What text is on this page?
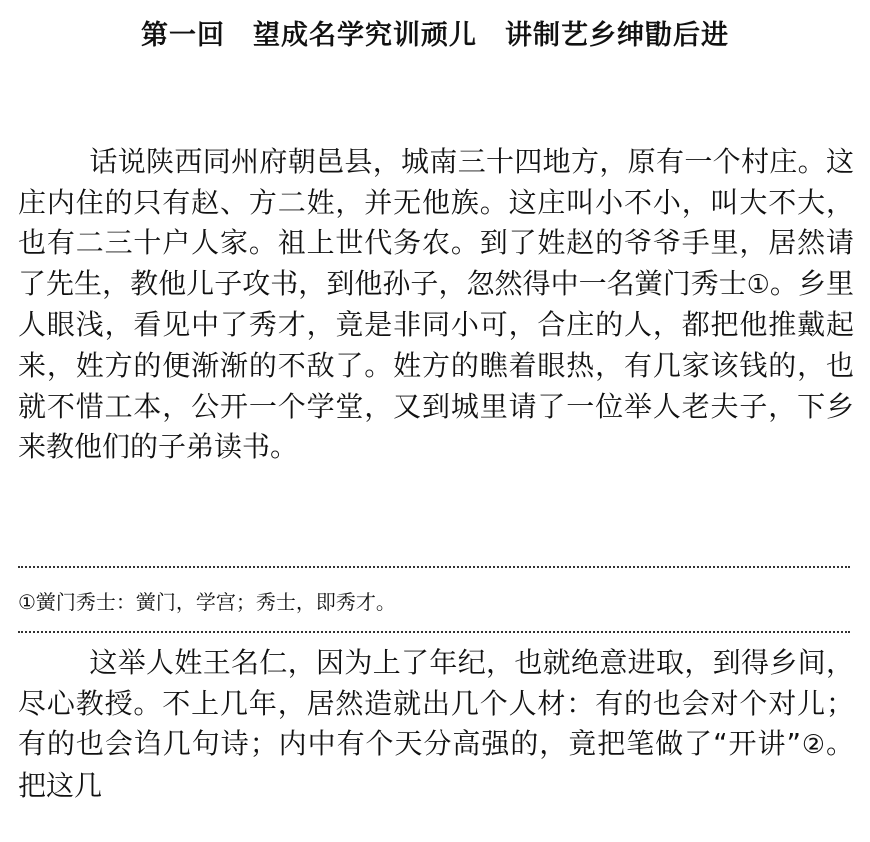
第一回　望成名学究训顽儿　讲制艺乡绅勖后进

话说陕西同州府朝邑县，城南三十四地方，原有一个村庄。这庄内住的只有赵、方二姓，并无他族。这庄叫小不小，叫大不大，也有二三十户人家。祖上世代务农。到了姓赵的爷爷手里，居然请了先生，教他儿子攻书，到他孙子，忽然得中一名黉门秀士①。乡里人眼浅，看见中了秀才，竟是非同小可，合庄的人，都把他推戴起来，姓方的便渐渐的不敌了。姓方的瞧着眼热，有几家该钱的，也就不惜工本，公开一个学堂，又到城里请了一位举人老夫子，下乡来教他们的子弟读书。

①黉门秀士：黉门，学宫；秀士，即秀才。

这举人姓王名仁，因为上了年纪，也就绝意进取，到得乡间，尽心教授。不上几年，居然造就出几个人材：有的也会对个对儿；有的也会诌几句诗；内中有个天分高强的，竟把笔做了“开讲”②。把这几
